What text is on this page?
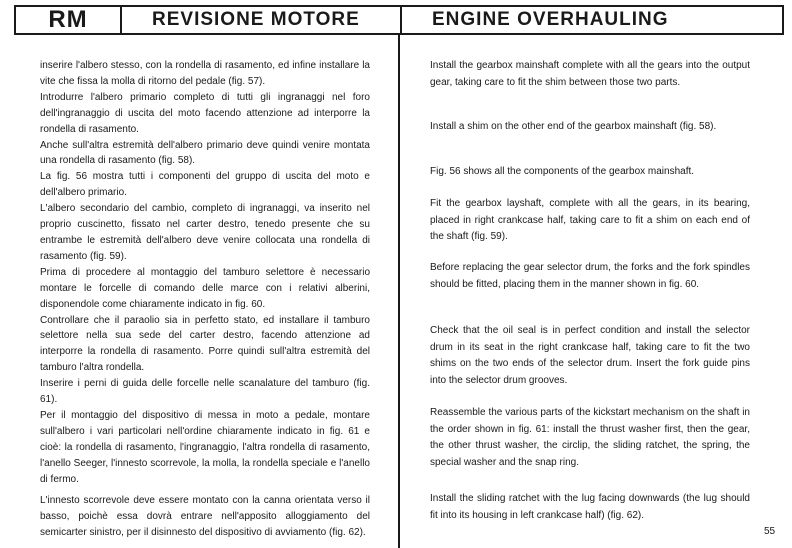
RM	REVISIONE MOTORE	ENGINE OVERHAULING

inserire l'albero stesso, con la rondella di rasamento, ed infine installare la vite che fissa la molla di ritorno del pedale (fig. 57).

Introdurre l'albero primario completo di tutti gli ingranaggi nel foro dell'ingranaggio di uscita del moto facendo attenzione ad interporre la rondella di rasamento.

Anche sull'altra estremità dell'albero primario deve quindi venire montata una rondella di rasamento (fig. 58).

La fig. 56 mostra tutti i componenti del gruppo di uscita del moto e dell'albero primario.

L'albero secondario del cambio, completo di ingranaggi, va inserito nel proprio cuscinetto, fissato nel carter destro, tenedo presente che su entrambe le estremità dell'albero deve venire collocata una rondella di rasamento (fig. 59).

Prima di procedere al montaggio del tamburo selettore è necessario montare le forcelle di comando delle marce con i relativi alberini, disponendole come chiaramente indicato in fig. 60.

Controllare che il paraolio sia in perfetto stato, ed installare il tamburo selettore nella sua sede del carter destro, facendo attenzione ad interporre la rondella di rasamento. Porre quindi sull'altra estremità del tamburo l'altra rondella.

Inserire i perni di guida delle forcelle nelle scanalature del tamburo (fig. 61).

Per il montaggio del dispositivo di messa in moto a pedale, montare sull'albero i vari particolari nell'ordine chiaramente indicato in fig. 61 e cioè: la rondella di rasamento, l'ingranaggio, l'altra rondella di rasamento, l'anello Seeger, l'innesto scorrevole, la molla, la rondella speciale e l'anello di fermo.

L'innesto scorrevole deve essere montato con la canna orientata verso il basso, poichè essa dovrà entrare nell'apposito alloggiamento del semicarter sinistro, per il disinnesto del dispositivo di avviamento (fig. 62).

Install the gearbox mainshaft complete with all the gears into the output gear, taking care to fit the shim between those two parts.

Install a shim on the other end of the gearbox mainshaft (fig. 58).

Fig. 56 shows all the components of the gearbox mainshaft.

Fit the gearbox layshaft, complete with all the gears, in its bearing, placed in right crankcase half, taking care to fit a shim on each end of the shaft (fig. 59).

Before replacing the gear selector drum, the forks and the fork spindles should be fitted, placing them in the manner shown in fig. 60.

Check that the oil seal is in perfect condition and install the selector drum in its seat in the right crankcase half, taking care to fit the two shims on the two ends of the selector drum. Insert the fork guide pins into the selector drum grooves.

Reassemble the various parts of the kickstart mechanism on the shaft in the order shown in fig. 61: install the thrust washer first, then the gear, the other thrust washer, the circlip, the sliding ratchet, the spring, the special washer and the snap ring.

Install the sliding ratchet with the lug facing downwards (the lug should fit into its housing in left crankcase half) (fig. 62).

55
